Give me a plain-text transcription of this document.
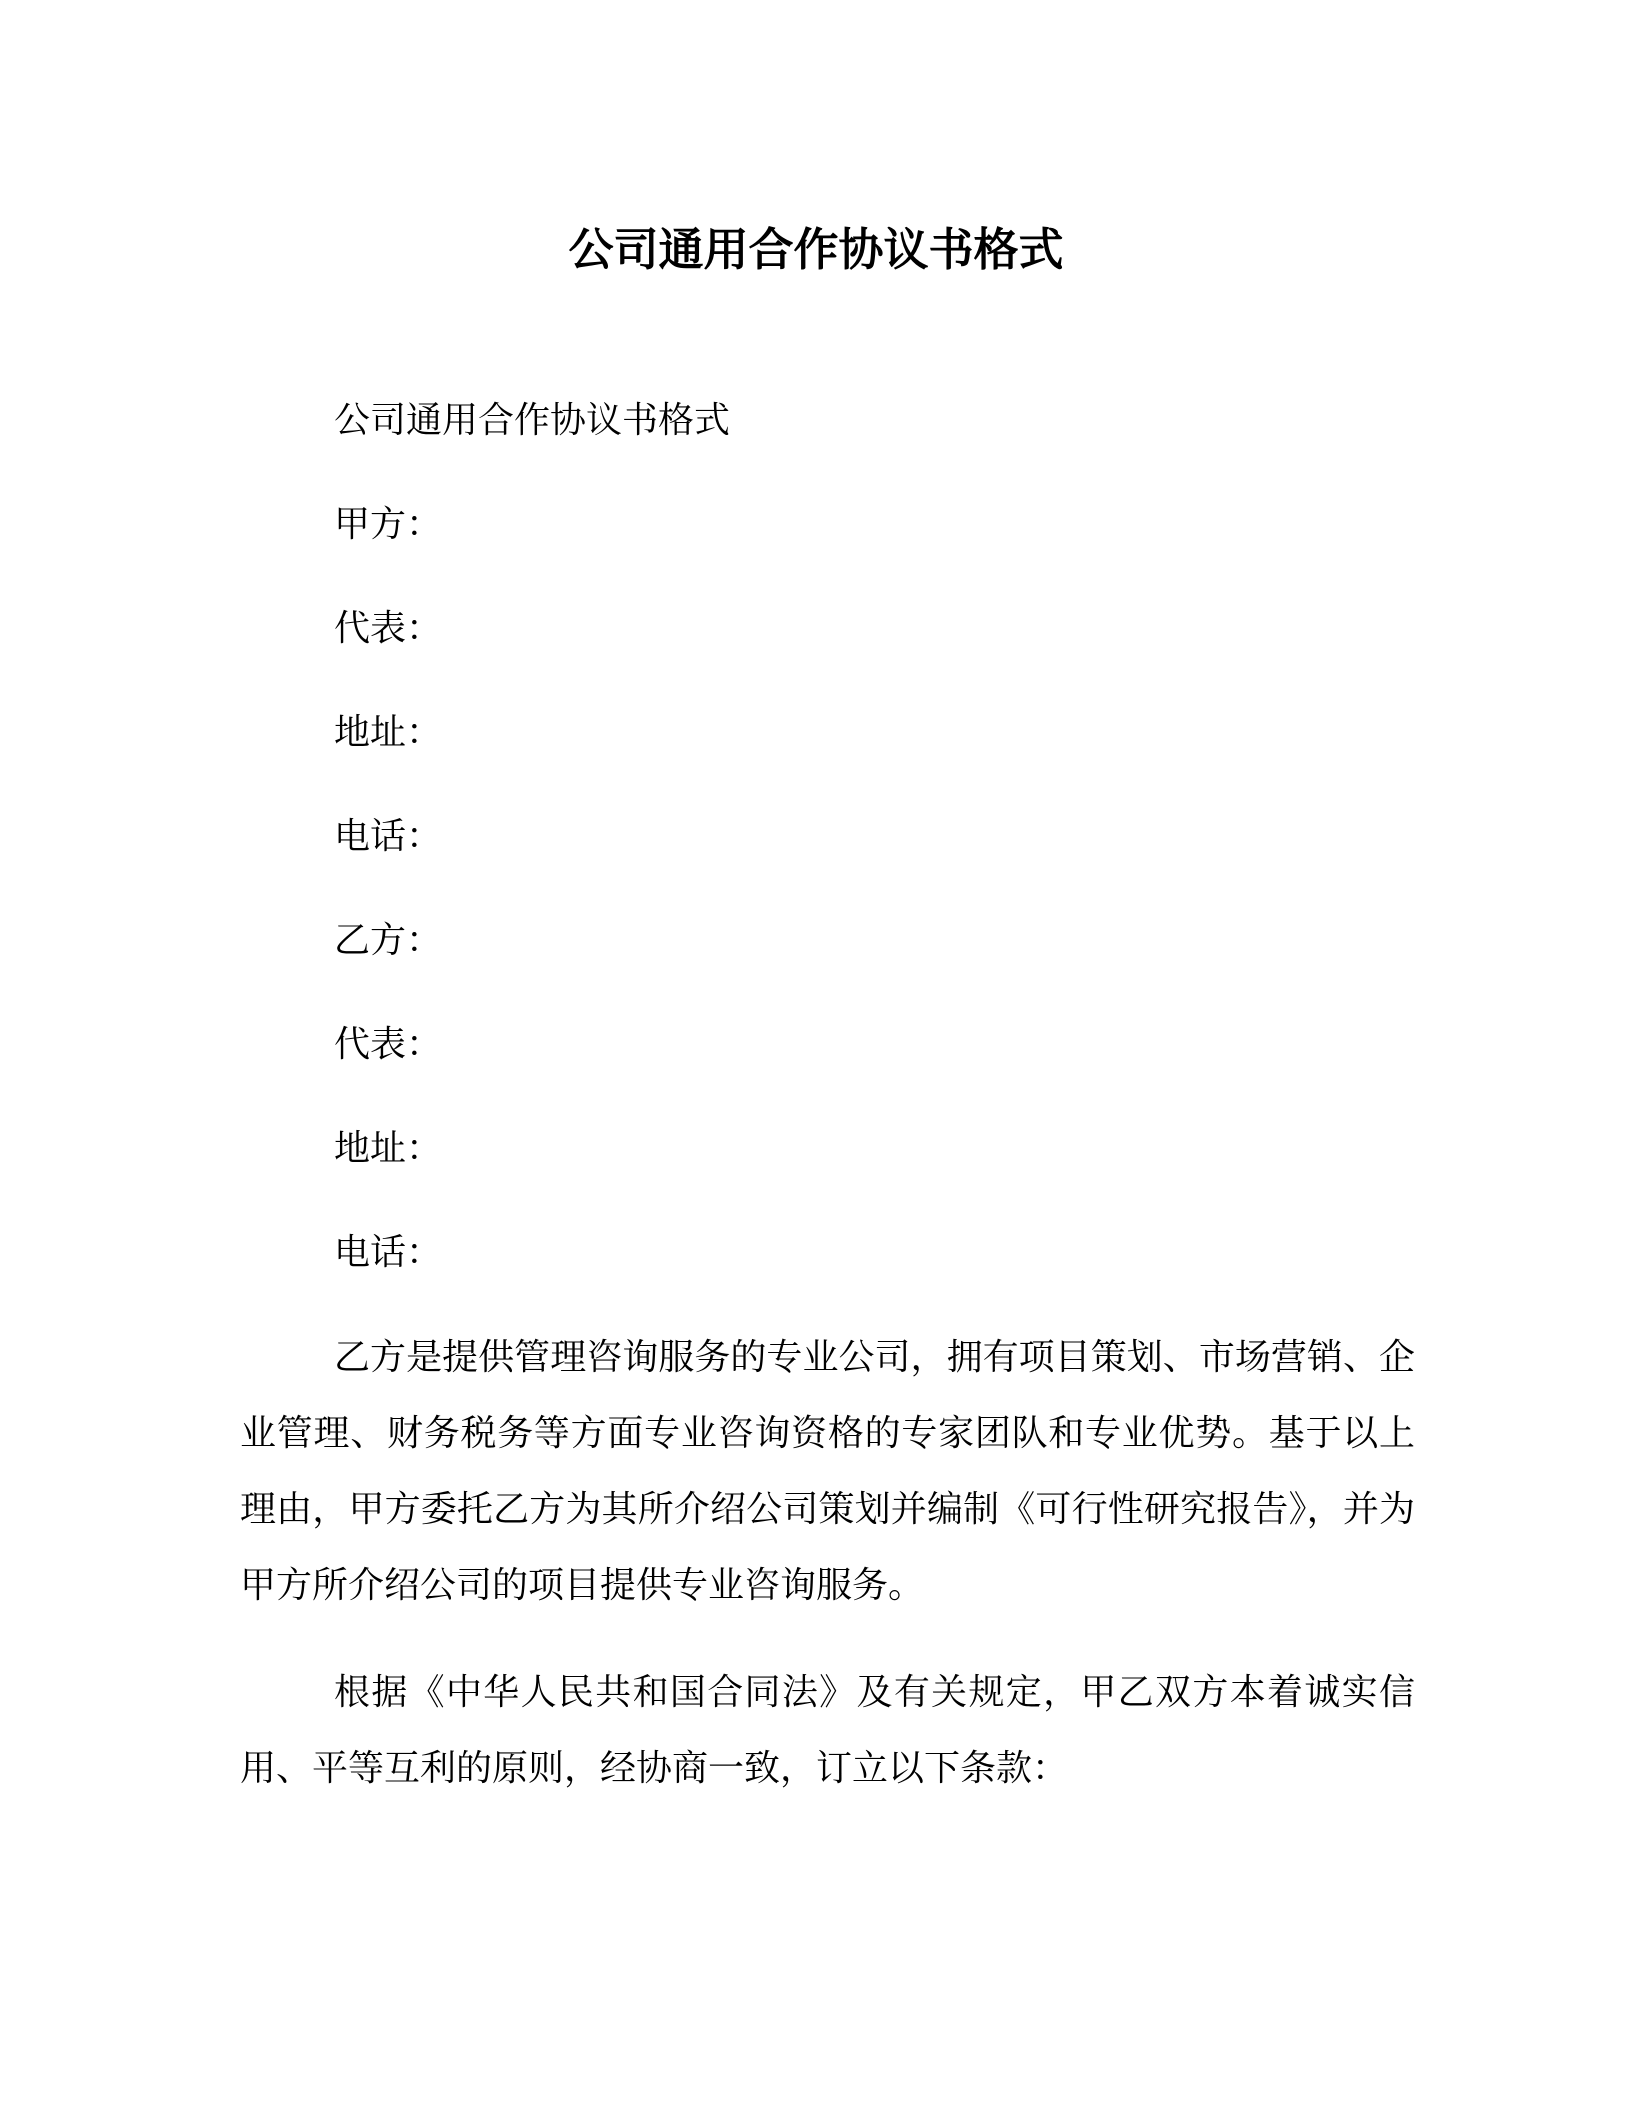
公司通用合作协议书格式
公司通用合作协议书格式
甲方：
代表：
地址：
电话：
乙方：
代表：
地址：
电话：

乙方是提供管理咨询服务的专业公司，拥有项目策划、市场营销、企业管理、财务税务等方面专业咨询资格的专家团队和专业优势。基于以上理由，甲方委托乙方为其所介绍公司策划并编制《可行性研究报告》，并为甲方所介绍公司的项目提供专业咨询服务。

根据《中华人民共和国合同法》及有关规定，甲乙双方本着诚实信用、平等互利的原则，经协商一致，订立以下条款：
